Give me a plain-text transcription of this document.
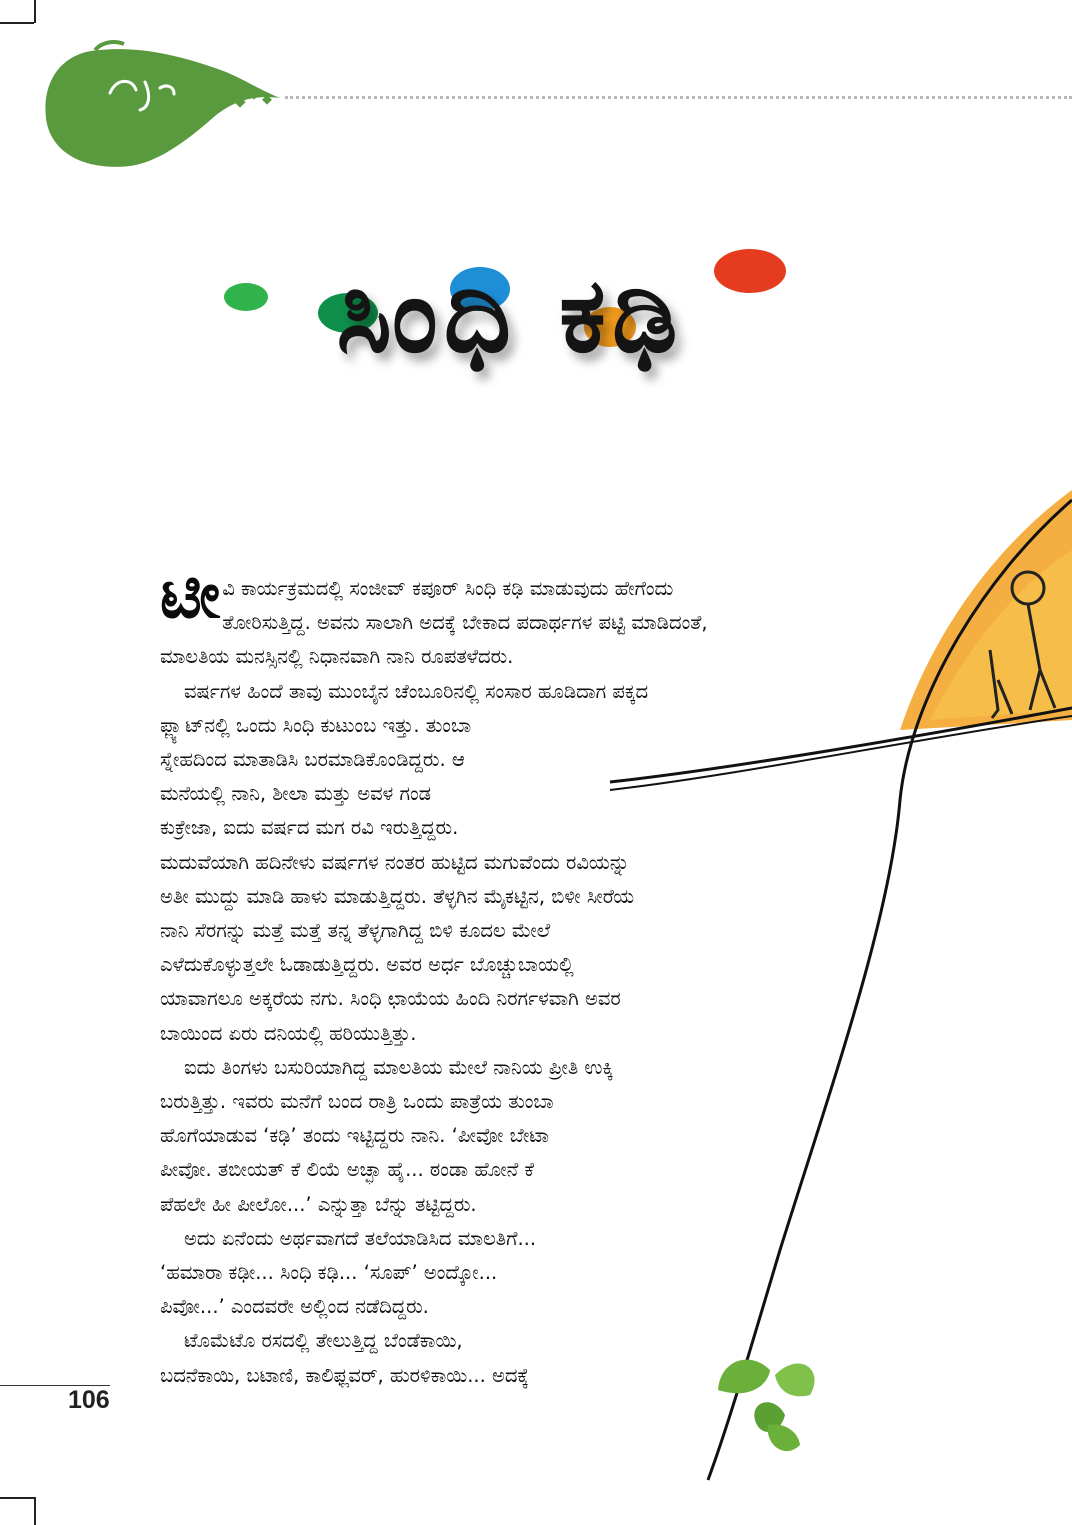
ಸಿಂಧಿ ಕಢಿ

ಟೀವಿ ಕಾರ್ಯಕ್ರಮದಲ್ಲಿ ಸಂಜೀವ್ ಕಪೂರ್ ಸಿಂಧಿ ಕಢಿ ಮಾಡುವುದು ಹೇಗೆಂದು

ತೋರಿಸುತ್ತಿದ್ದ. ಅವನು ಸಾಲಾಗಿ ಅದಕ್ಕೆ ಬೇಕಾದ ಪದಾರ್ಥಗಳ ಪಟ್ಟಿ ಮಾಡಿದಂತೆ,

ಮಾಲತಿಯ ಮನಸ್ಸಿನಲ್ಲಿ ನಿಧಾನವಾಗಿ ನಾನಿ ರೂಪತಳೆದರು.

ವರ್ಷಗಳ ಹಿಂದೆ ತಾವು ಮುಂಬೈನ ಚೆಂಬೂರಿನಲ್ಲಿ ಸಂಸಾರ ಹೂಡಿದಾಗ ಪಕ್ಕದ

ಫ್ಲ್ಯಾಟ್‌ನಲ್ಲಿ ಒಂದು ಸಿಂಧಿ ಕುಟುಂಬ ಇತ್ತು. ತುಂಬಾ

ಸ್ನೇಹದಿಂದ ಮಾತಾಡಿಸಿ ಬರಮಾಡಿಕೊಂಡಿದ್ದರು. ಆ

ಮನೆಯಲ್ಲಿ ನಾನಿ, ಶೀಲಾ ಮತ್ತು ಅವಳ ಗಂಡ

ಕುಕ್ರೇಜಾ, ಐದು ವರ್ಷದ ಮಗ ರವಿ ಇರುತ್ತಿದ್ದರು.

ಮದುವೆಯಾಗಿ ಹದಿನೇಳು ವರ್ಷಗಳ ನಂತರ ಹುಟ್ಟಿದ ಮಗುವೆಂದು ರವಿಯನ್ನು

ಅತೀ ಮುದ್ದು ಮಾಡಿ ಹಾಳು ಮಾಡುತ್ತಿದ್ದರು. ತೆಳ್ಳಗಿನ ಮೈಕಟ್ಟಿನ, ಬಿಳೀ ಸೀರೆಯ

ನಾನಿ ಸೆರಗನ್ನು ಮತ್ತೆ ಮತ್ತೆ ತನ್ನ ತೆಳ್ಳಗಾಗಿದ್ದ ಬಿಳಿ ಕೂದಲ ಮೇಲೆ

ಎಳೆದುಕೊಳ್ಳುತ್ತಲೇ ಓಡಾಡುತ್ತಿದ್ದರು. ಅವರ ಅರ್ಧ ಬೊಚ್ಚುಬಾಯಲ್ಲಿ

ಯಾವಾಗಲೂ ಅಕ್ಕರೆಯ ನಗು. ಸಿಂಧಿ ಛಾಯೆಯ ಹಿಂದಿ ನಿರರ್ಗಳವಾಗಿ ಅವರ

ಬಾಯಿಂದ ಏರು ದನಿಯಲ್ಲಿ ಹರಿಯುತ್ತಿತ್ತು.

ಐದು ತಿಂಗಳು ಬಸುರಿಯಾಗಿದ್ದ ಮಾಲತಿಯ ಮೇಲೆ ನಾನಿಯ ಪ್ರೀತಿ ಉಕ್ಕಿ

ಬರುತ್ತಿತ್ತು. ಇವರು ಮನೆಗೆ ಬಂದ ರಾತ್ರಿ ಒಂದು ಪಾತ್ರೆಯ ತುಂಬಾ

ಹೊಗೆಯಾಡುವ ‘ಕಢಿ’ ತಂದು ಇಟ್ಟಿದ್ದರು ನಾನಿ. ‘ಪೀವೋ ಬೇಟಾ

ಪೀವೋ. ತಬೀಯತ್ ಕೆ ಲಿಯೆ ಅಚ್ಛಾ ಹೈ... ಠಂಡಾ ಹೋನೆ ಕೆ

ಪೆಹಲೇ ಹೀ ಪೀಲೋ...’ ಎನ್ನುತ್ತಾ ಬೆನ್ನು ತಟ್ಟಿದ್ದರು.

ಅದು ಏನೆಂದು ಅರ್ಥವಾಗದೆ ತಲೆಯಾಡಿಸಿದ ಮಾಲತಿಗೆ...

‘ಹಮಾರಾ ಕಢೀ... ಸಿಂಧಿ ಕಢಿ... ‘ಸೂಪ್’ ಅಂದ್ಕೋ...

ಪಿವೋ...’ ಎಂದವರೇ ಅಲ್ಲಿಂದ ನಡೆದಿದ್ದರು.

ಟೊಮೆಟೊ ರಸದಲ್ಲಿ ತೇಲುತ್ತಿದ್ದ ಬೆಂಡೆಕಾಯಿ,

ಬದನೆಕಾಯಿ, ಬಟಾಣಿ, ಕಾಲಿಫ್ಲವರ್, ಹುರಳಿಕಾಯಿ... ಅದಕ್ಕೆ

106
